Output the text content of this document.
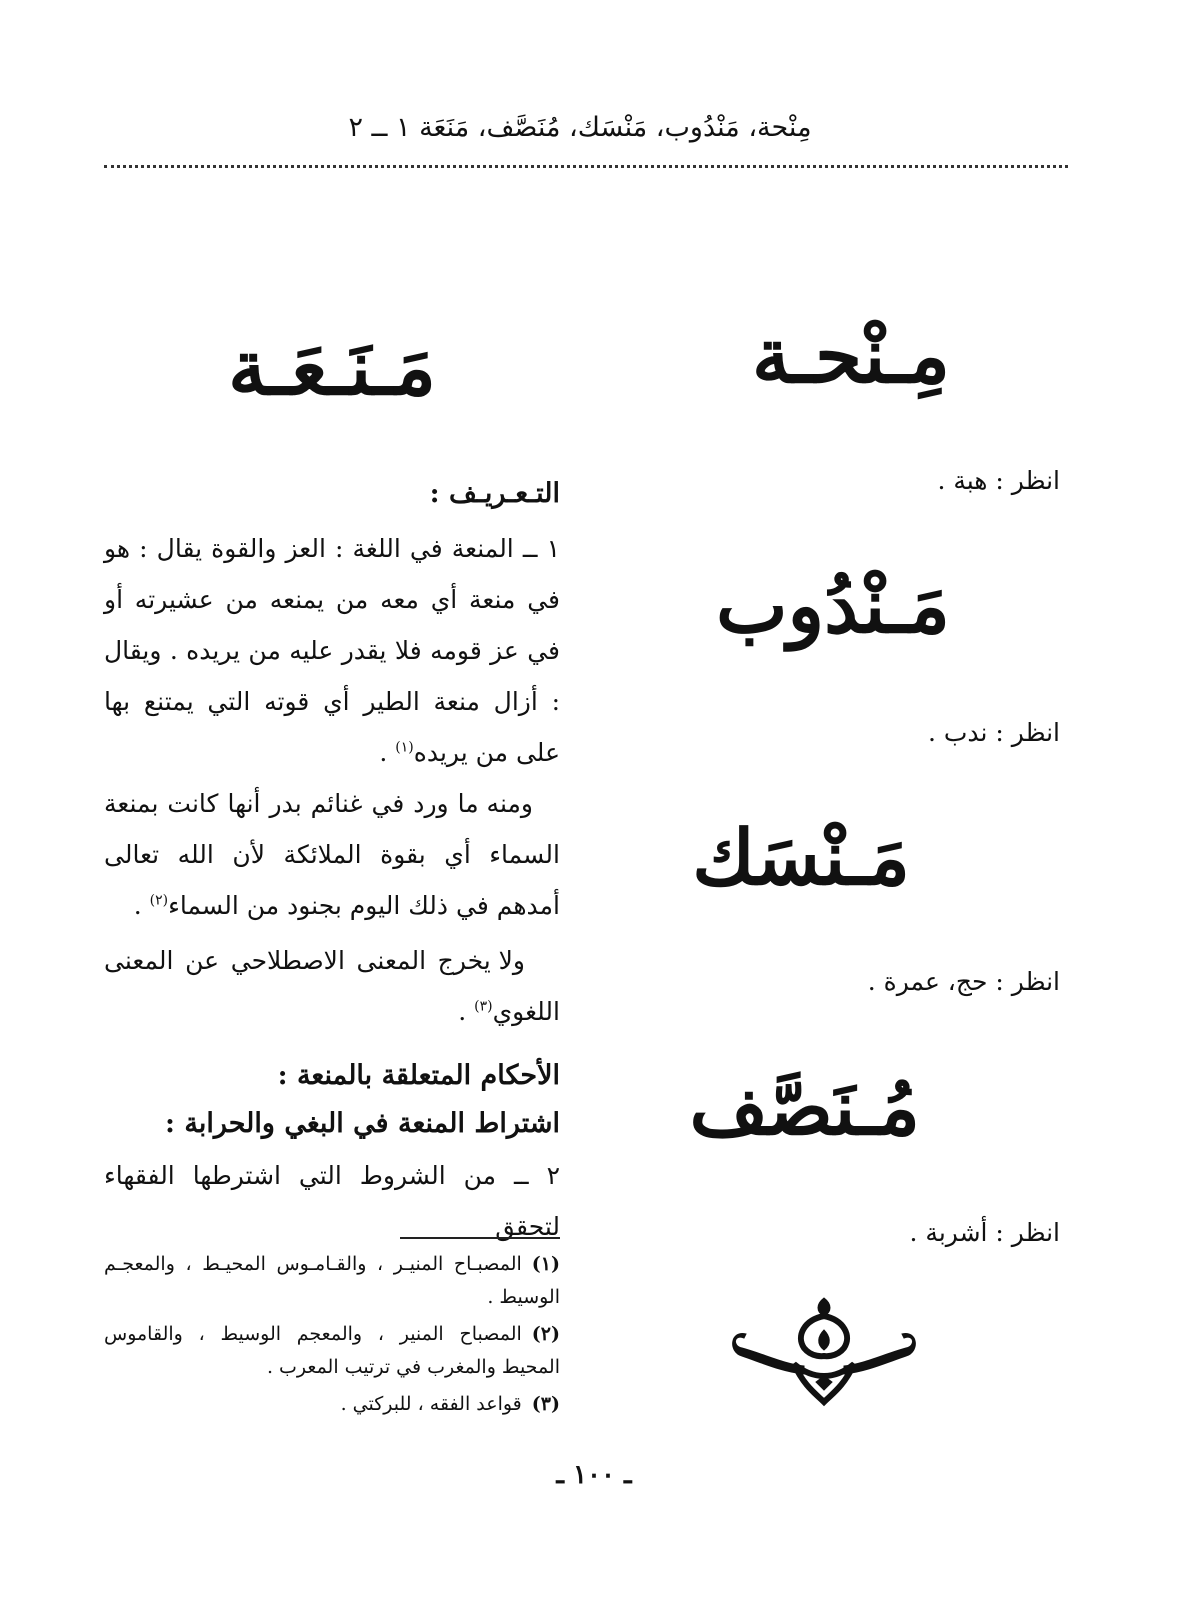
مِنْحة، مَنْدُوب، مَنْسَك، مُنَصَّف، مَنَعَة ١ ــ ٢
مِـنْحـة
انظر : هبة .
مَـنْدُوب
انظر : ندب .
مَـنْسَك
انظر : حج، عمرة .
مُـنَصَّف
انظر : أشربة .
مَـنَـعَـة
التـعـريـف :
١ ــ المنعة في اللغة : العز والقوة يقال : هو في منعة أي معه من يمنعه من عشيرته أو في عز قومه فلا يقدر عليه من يريده . ويقال : أزال منعة الطير أي قوته التي يمتنع بها على من يريده$^{(١)}$ .
ومنه ما ورد في غنائم بدر أنها كانت بمنعة السماء أي بقوة الملائكة لأن الله تعالى أمدهم في ذلك اليوم بجنود من السماء$^{(٢)}$ .
ولا يخرج المعنى الاصطلاحي عن المعنى اللغوي$^{(٣)}$ .
الأحكام المتعلقة بالمنعة :
اشتراط المنعة في البغي والحرابة :
٢ ــ من الشروط التي اشترطها الفقهاء لتحقق
(١)المصبـاح المنيـر ، والقـامـوس المحيـط ، والمعجـم الوسيط .
(٢)المصباح المنير ، والمعجم الوسيط ، والقاموس المحيط والمغرب في ترتيب المعرب .
(٣)قواعد الفقه ، للبركتي .
ـ ١٠٠ ـ
